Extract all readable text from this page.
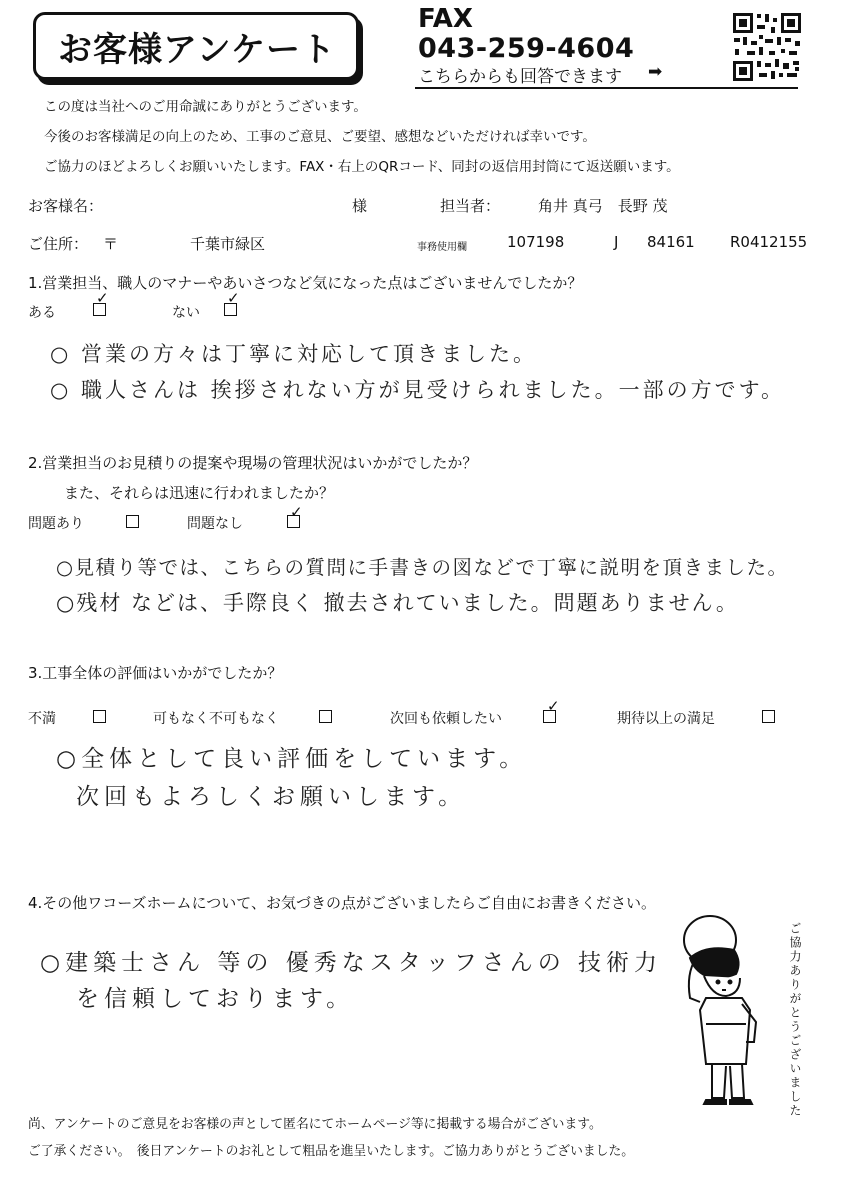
お客様アンケート
FAX
043-259-4604
こちらからも回答できます ➡
この度は当社へのご用命誠にありがとうございます。
今後のお客様満足の向上のため、工事のご意見、ご要望、感想などいただければ幸いです。
ご協力のほどよろしくお願いいたします。FAX・右上のQRコード、同封の返信用封筒にて返送願います。
お客様名：	様	担当者：	角井 真弓　長野 茂
ご住所： 〒	千葉市緑区	事務使用欄	107198	J 84161 R0412155
1.営業担当、職人のマナーやあいさつなど気になった点はございませんでしたか？
ある
✓
ない
✓
○ 営業の方々は丁寧に対応して頂きました。
○ 職人さんは 挨拶されない方が見受けられました。一部の方です。
2.営業担当のお見積りの提案や現場の管理状況はいかがでしたか？
また、それらは迅速に行われましたか？
問題あり	問題なし
✓
○見積り等では、こちらの質問に手書きの図などで丁寧に説明を頂きました。
○残材 などは、手際良く 撤去されていました。問題ありません。
3.工事全体の評価はいかがでしたか？
不満	可もなく不可もなく	次回も依頼したい
✓
期待以上の満足
○全体として良い評価をしています。
次回もよろしくお願いします。
4.その他ワコーズホームについて、お気づきの点がございましたらご自由にお書きください。
○建築士さん 等の 優秀なスタッフさんの 技術力
を信頼しております。	ご協力ありがとうございました
尚、アンケートのご意見をお客様の声として匿名にてホームページ等に掲載する場合がございます。
ご了承ください。　後日アンケートのお礼として粗品を進呈いたします。ご協力ありがとうございました。
